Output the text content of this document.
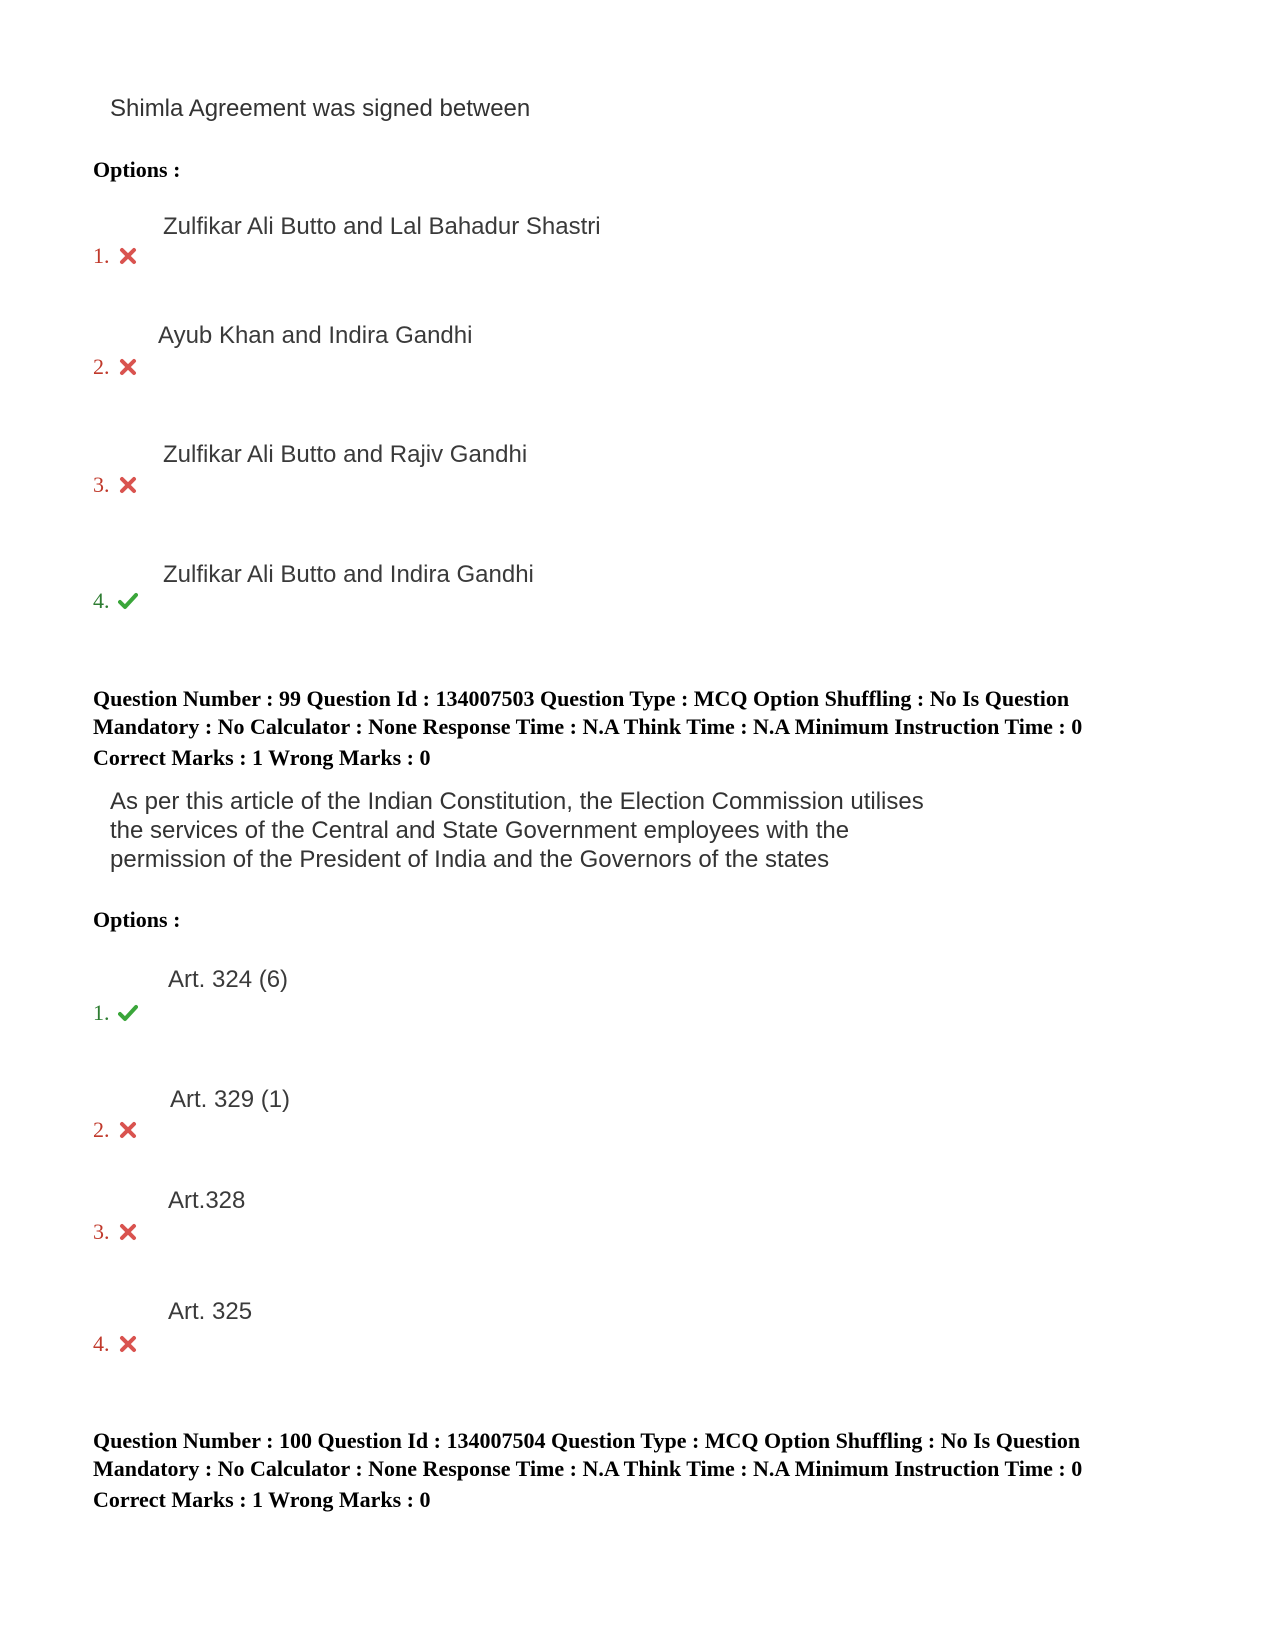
Shimla Agreement was signed between
Options :
Zulfikar Ali Butto and Lal Bahadur Shastri
1.
Ayub Khan and Indira Gandhi
2.
Zulfikar Ali Butto and Rajiv Gandhi
3.
Zulfikar Ali Butto and Indira Gandhi
4.
Question Number : 99 Question Id : 134007503 Question Type : MCQ Option Shuffling : No Is Question
Mandatory : No Calculator : None Response Time : N.A Think Time : N.A Minimum Instruction Time : 0
Correct Marks : 1 Wrong Marks : 0
As per this article of the Indian Constitution, the Election Commission utilises
the services of the Central and State Government employees with the
permission of the President of India and the Governors of the states
Options :
Art. 324 (6)
1.
Art. 329 (1)
2.
Art.328
3.
Art. 325
4.
Question Number : 100 Question Id : 134007504 Question Type : MCQ Option Shuffling : No Is Question
Mandatory : No Calculator : None Response Time : N.A Think Time : N.A Minimum Instruction Time : 0
Correct Marks : 1 Wrong Marks : 0
